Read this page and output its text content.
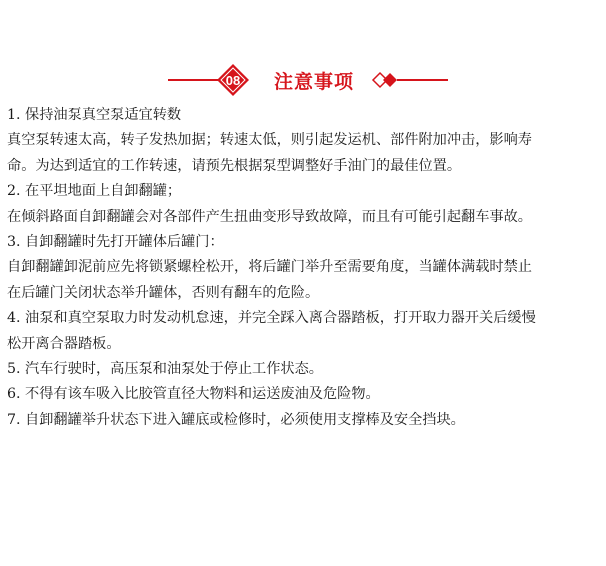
08 注意事项
1. 保持油泵真空泵适宜转数
真空泵转速太高，转子发热加据；转速太低，则引起发运机、部件附加冲击，影响寿
命。为达到适宜的工作转速，请预先根据泵型调整好手油门的最佳位置。
2. 在平坦地面上自卸翻罐；
在倾斜路面自卸翻罐会对各部件产生扭曲变形导致故障，而且有可能引起翻车事故。
3. 自卸翻罐时先打开罐体后罐门：
自卸翻罐卸泥前应先将锁紧螺栓松开，将后罐门举升至需要角度，当罐体满载时禁止
在后罐门关闭状态举升罐体，否则有翻车的危险。
4. 油泵和真空泵取力时发动机怠速，并完全踩入离合器踏板，打开取力器开关后缓慢
松开离合器踏板。
5. 汽车行驶时，高压泵和油泵处于停止工作状态。
6. 不得有该车吸入比胶管直径大物料和运送废油及危险物。
7. 自卸翻罐举升状态下进入罐底或检修时，必须使用支撑棒及安全挡块。
